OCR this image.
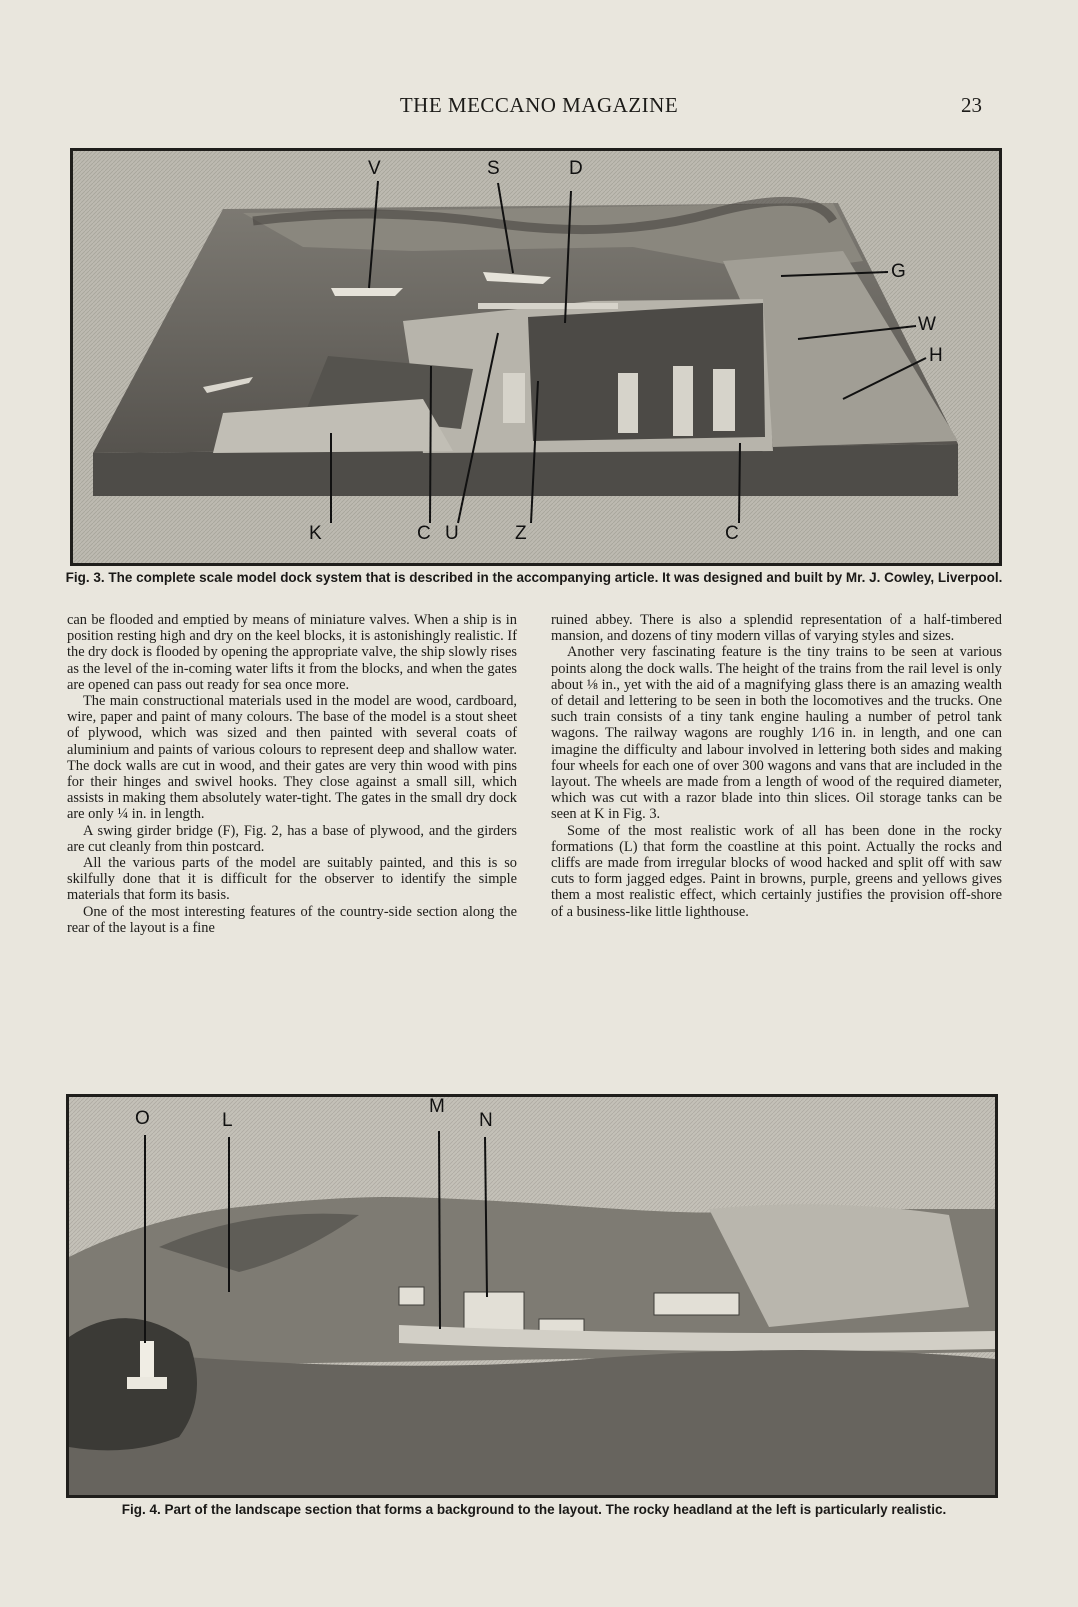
THE MECCANO MAGAZINE	23
V	S	D
G
W
H
K	C U	Z	C
Fig. 3. The complete scale model dock system that is described in the accompanying article. It was designed and built by Mr. J. Cowley, Liverpool.

can be flooded and emptied by means of miniature valves. When a ship is in position resting high and dry on the keel blocks, it is astonishingly realistic. If the dry dock is flooded by opening the appropriate valve, the ship slowly rises as the level of the in-coming water lifts it from the blocks, and when the gates are opened can pass out ready for sea once more.

The main constructional materials used in the model are wood, cardboard, wire, paper and paint of many colours. The base of the model is a stout sheet of plywood, which was sized and then painted with several coats of aluminium and paints of various colours to represent deep and shallow water. The dock walls are cut in wood, and their gates are very thin wood with pins for their hinges and swivel hooks. They close against a small sill, which assists in making them absolutely water-tight. The gates in the small dry dock are only ¼ in. in length.

A swing girder bridge (F), Fig. 2, has a base of plywood, and the girders are cut cleanly from thin postcard.

All the various parts of the model are suitably painted, and this is so skilfully done that it is difficult for the observer to identify the simple materials that form its basis.

One of the most interesting features of the country-side section along the rear of the layout is a fine

ruined abbey. There is also a splendid representation of a half-timbered mansion, and dozens of tiny modern villas of varying styles and sizes.

Another very fascinating feature is the tiny trains to be seen at various points along the dock walls. The height of the trains from the rail level is only about ⅛ in., yet with the aid of a magnifying glass there is an amazing wealth of detail and lettering to be seen in both the locomotives and the trucks. One such train consists of a tiny tank engine hauling a number of petrol tank wagons. The railway wagons are roughly 1⁄16 in. in length, and one can imagine the difficulty and labour involved in lettering both sides and making four wheels for each one of over 300 wagons and vans that are included in the layout. The wheels are made from a length of wood of the required diameter, which was cut with a razor blade into thin slices. Oil storage tanks can be seen at K in Fig. 3.

Some of the most realistic work of all has been done in the rocky formations (L) that form the coastline at this point. Actually the rocks and cliffs are made from irregular blocks of wood hacked and split off with saw cuts to form jagged edges. Paint in browns, purple, greens and yellows gives them a most realistic effect, which certainly justifies the provision off-shore of a business-like little lighthouse.

O	L
M
N
Fig. 4. Part of the landscape section that forms a background to the layout. The rocky headland at the left is particularly realistic.
